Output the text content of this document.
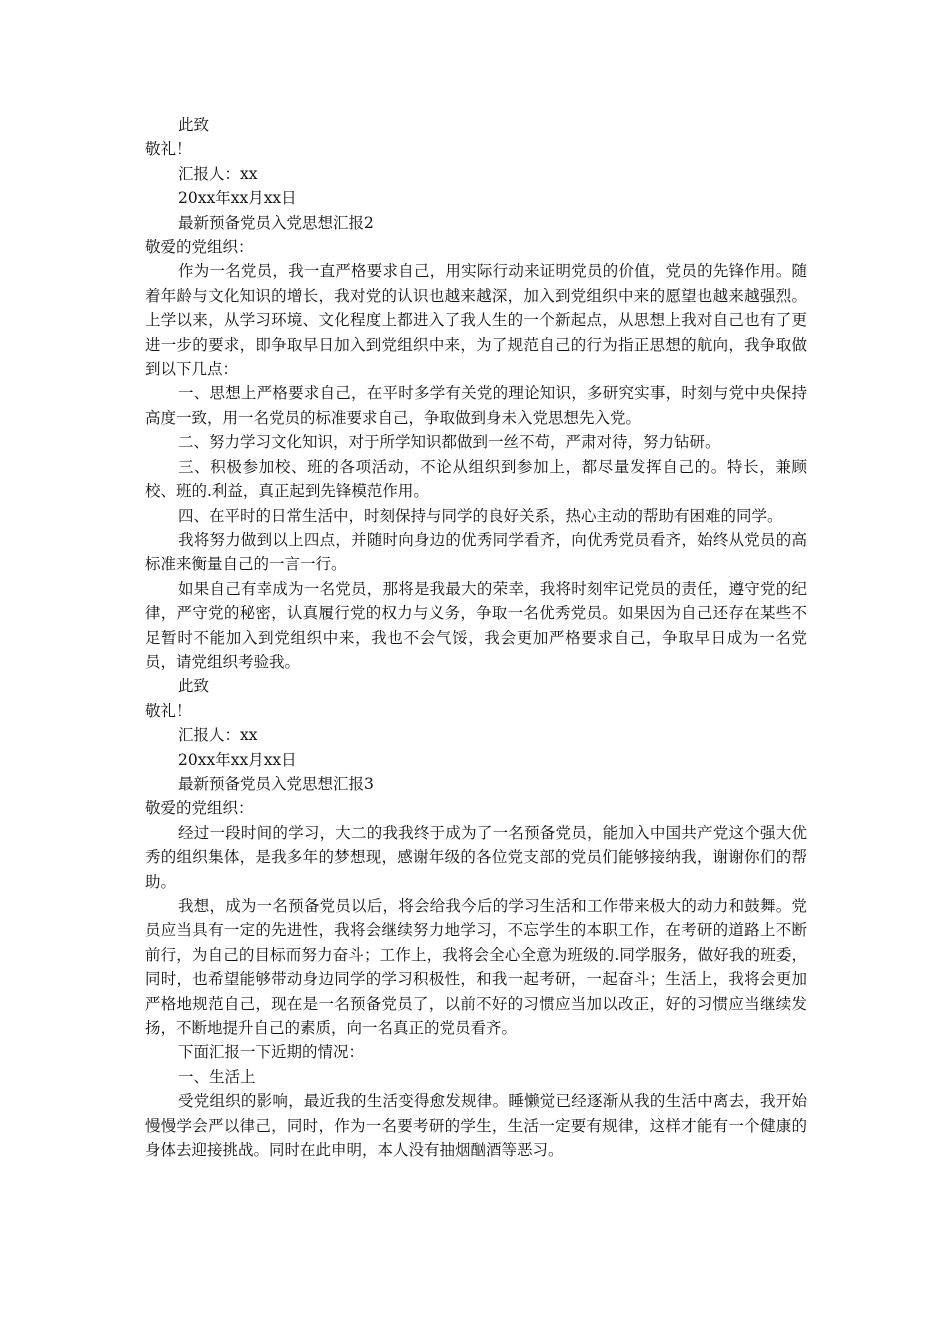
此致

敬礼！

汇报人：xx

20xx年xx月xx日

最新预备党员入党思想汇报2

敬爱的党组织：

作为一名党员，我一直严格要求自己，用实际行动来证明党员的价值，党员的先锋作用。随着年龄与文化知识的增长，我对党的认识也越来越深，加入到党组织中来的愿望也越来越强烈。上学以来，从学习环境、文化程度上都进入了我人生的一个新起点，从思想上我对自己也有了更进一步的要求，即争取早日加入到党组织中来，为了规范自己的行为指正思想的航向，我争取做到以下几点：

一、思想上严格要求自己，在平时多学有关党的理论知识，多研究实事，时刻与党中央保持高度一致，用一名党员的标准要求自己，争取做到身未入党思想先入党。

二、努力学习文化知识，对于所学知识都做到一丝不苟，严肃对待，努力钻研。

三、积极参加校、班的各项活动，不论从组织到参加上，都尽量发挥自己的。特长，兼顾校、班的.利益，真正起到先锋模范作用。

四、在平时的日常生活中，时刻保持与同学的良好关系，热心主动的帮助有困难的同学。

我将努力做到以上四点，并随时向身边的优秀同学看齐，向优秀党员看齐，始终从党员的高标准来衡量自己的一言一行。

如果自己有幸成为一名党员，那将是我最大的荣幸，我将时刻牢记党员的责任，遵守党的纪律，严守党的秘密，认真履行党的权力与义务，争取一名优秀党员。如果因为自己还存在某些不足暂时不能加入到党组织中来，我也不会气馁，我会更加严格要求自己，争取早日成为一名党员，请党组织考验我。

此致

敬礼！

汇报人：xx

20xx年xx月xx日

最新预备党员入党思想汇报3

敬爱的党组织：

经过一段时间的学习，大二的我我终于成为了一名预备党员，能加入中国共产党这个强大优秀的组织集体，是我多年的梦想现，感谢年级的各位党支部的党员们能够接纳我，谢谢你们的帮助。

我想，成为一名预备党员以后，将会给我今后的学习生活和工作带来极大的动力和鼓舞。党员应当具有一定的先进性，我将会继续努力地学习，不忘学生的本职工作，在考研的道路上不断前行，为自己的目标而努力奋斗；工作上，我将会全心全意为班级的.同学服务，做好我的班委，同时，也希望能够带动身边同学的学习积极性，和我一起考研，一起奋斗；生活上，我将会更加严格地规范自己，现在是一名预备党员了，以前不好的习惯应当加以改正，好的习惯应当继续发扬，不断地提升自己的素质，向一名真正的党员看齐。

下面汇报一下近期的情况：

一、生活上

受党组织的影响，最近我的生活变得愈发规律。睡懒觉已经逐渐从我的生活中离去，我开始慢慢学会严以律己，同时，作为一名要考研的学生，生活一定要有规律，这样才能有一个健康的身体去迎接挑战。同时在此申明，本人没有抽烟酗酒等恶习。
